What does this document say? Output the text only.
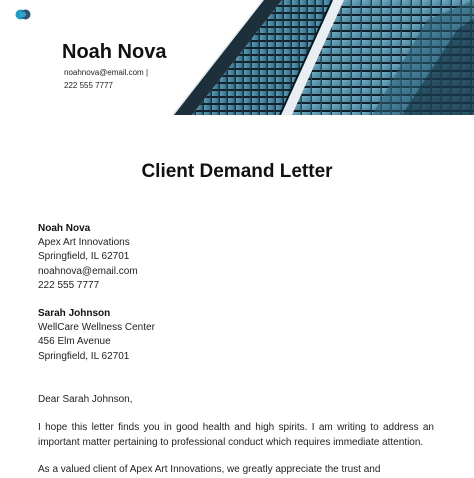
Noah Nova
noahnova@email.com |
222 555 7777
Client Demand Letter
Noah Nova
Apex Art Innovations
Springfield, IL 62701
noahnova@email.com
222 555 7777
Sarah Johnson
WellCare Wellness Center
456 Elm Avenue
Springfield, IL 62701
Dear Sarah Johnson,

I hope this letter finds you in good health and high spirits. I am writing to address an important matter pertaining to professional conduct which requires immediate attention.

As a valued client of Apex Art Innovations, we greatly appreciate the trust and
